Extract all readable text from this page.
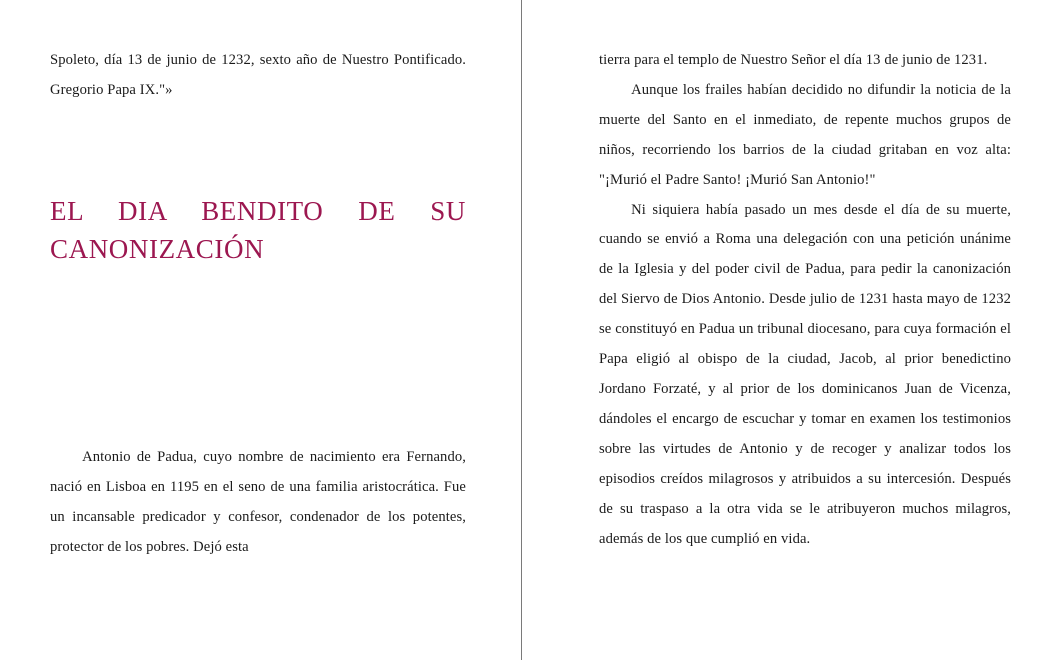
Spoleto, día 13 de junio de 1232, sexto año de Nuestro Pontificado. Gregorio Papa IX."»

EL DIA BENDITO DE SU
CANONIZACIÓN

Antonio de Padua, cuyo nombre de nacimiento era Fernando, nació en Lisboa en 1195 en el seno de una familia aristocrática. Fue un incansable predicador y confesor, condenador de los potentes, protector de los pobres. Dejó esta

tierra para el templo de Nuestro Señor el día 13 de junio de 1231.

Aunque los frailes habían decidido no difundir la noticia de la muerte del Santo en el inmediato, de repente muchos grupos de niños, recorriendo los barrios de la ciudad gritaban en voz alta: "¡Murió el Padre Santo! ¡Murió San Antonio!"

Ni siquiera había pasado un mes desde el día de su muerte, cuando se envió a Roma una delegación con una petición unánime de la Iglesia y del poder civil de Padua, para pedir la canonización del Siervo de Dios Antonio. Desde julio de 1231 hasta mayo de 1232 se constituyó en Padua un tribunal diocesano, para cuya formación el Papa eligió al obispo de la ciudad, Jacob, al prior benedictino Jordano Forzaté, y al prior de los dominicanos Juan de Vicenza, dándoles el encargo de escuchar y tomar en examen los testimonios sobre las virtudes de Antonio y de recoger y analizar todos los episodios creídos milagrosos y atribuidos a su intercesión. Después de su traspaso a la otra vida se le atribuyeron muchos milagros, además de los que cumplió en vida.
